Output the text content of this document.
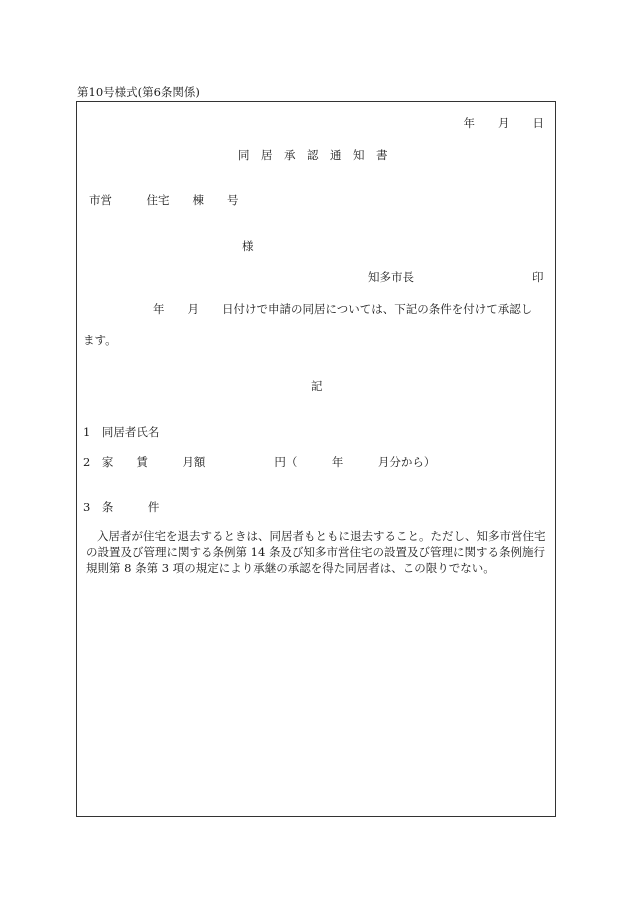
第10号様式(第6条関係)
年　　月　　日
同　居　承　認　通　知　書
市営　　　住宅　　棟　　号
様
知多市長	印
年　　月　　日付けで申請の同居については、下記の条件を付けて承認し
ます。
記
1　同居者氏名
2　家　　賃　　　月額　　　　　　円（　　　年　　　月分から）
3　条　　　件
入居者が住宅を退去するときは、同居者もともに退去すること。ただし、知多市営住宅の設置及び管理に関する条例第 14 条及び知多市営住宅の設置及び管理に関する条例施行規則第 8 条第 3 項の規定により承継の承認を得た同居者は、この限りでない。
